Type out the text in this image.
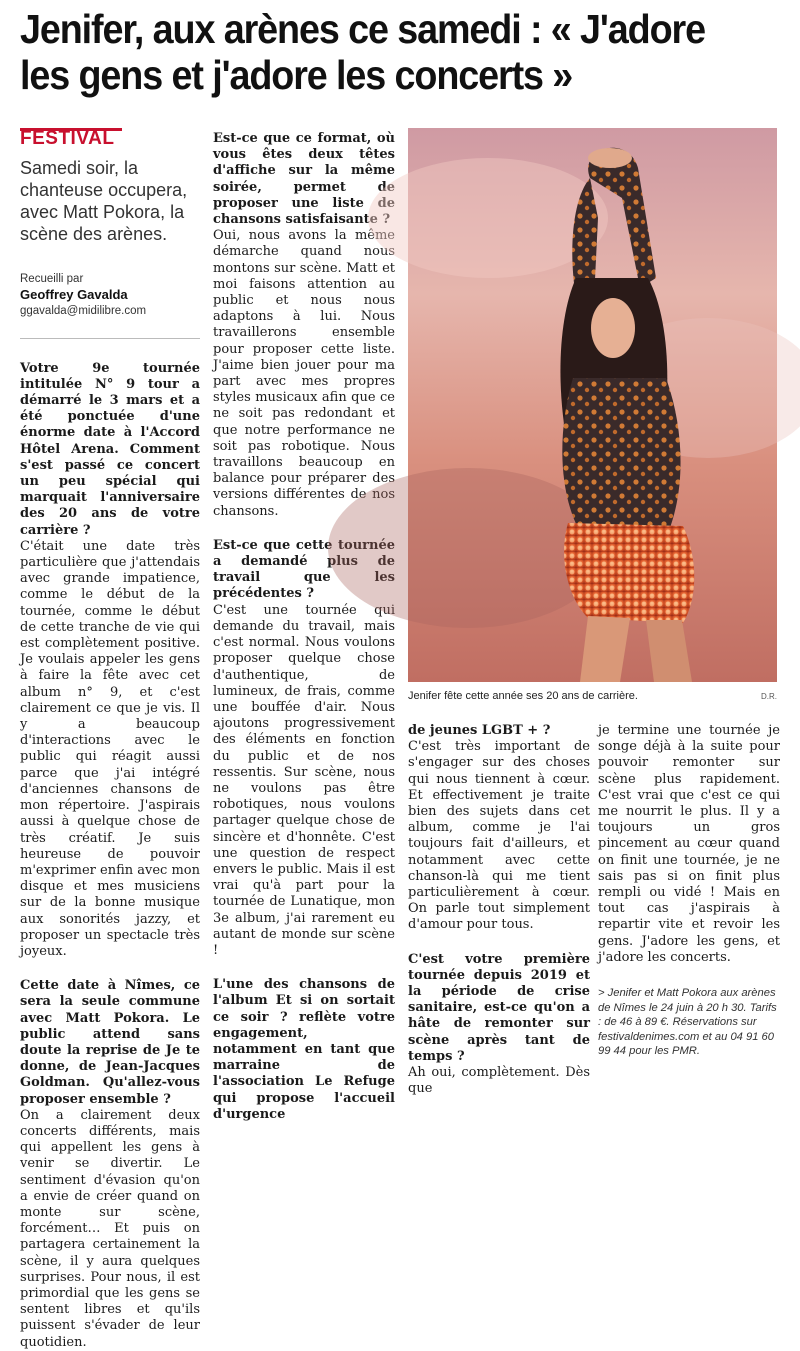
Jenifer, aux arènes ce samedi : « J'adore les gens et j'adore les concerts »
FESTIVAL
Samedi soir, la chanteuse occupera, avec Matt Pokora, la scène des arènes.
Recueilli par
Geoffrey Gavalda
ggavalda@midilibre.com

Votre 9e tournée intitulée N° 9 tour a démarré le 3 mars et a été ponctuée d'une énorme date à l'Accord Hôtel Arena. Comment s'est passé ce concert un peu spécial qui marquait l'anniversaire des 20 ans de votre carrière ?

C'était une date très particulière que j'attendais avec grande impatience, comme le début de la tournée, comme le début de cette tranche de vie qui est complètement positive. Je voulais appeler les gens à faire la fête avec cet album n° 9, et c'est clairement ce que je vis. Il y a beaucoup d'interactions avec le public qui réagit aussi parce que j'ai intégré d'anciennes chansons de mon répertoire. J'aspirais aussi à quelque chose de très créatif. Je suis heureuse de pouvoir m'exprimer enfin avec mon disque et mes musiciens sur de la bonne musique aux sonorités jazzy, et proposer un spectacle très joyeux.

Cette date à Nîmes, ce sera la seule commune avec Matt Pokora. Le public attend sans doute la reprise de Je te donne, de Jean-Jacques Goldman. Qu'allez-vous proposer ensemble ?

On a clairement deux concerts différents, mais qui appellent les gens à venir se divertir. Le sentiment d'évasion qu'on a envie de créer quand on monte sur scène, forcément… Et puis on partagera certainement la scène, il y aura quelques surprises. Pour nous, il est primordial que les gens se sentent libres et qu'ils puissent s'évader de leur quotidien.

Est-ce que ce format, où vous êtes deux têtes d'affiche sur la même soirée, permet de proposer une liste de chansons satisfaisante ?

Oui, nous avons la même démarche quand nous montons sur scène. Matt et moi faisons attention au public et nous nous adaptons à lui. Nous travaillerons ensemble pour proposer cette liste. J'aime bien jouer pour ma part avec mes propres styles musicaux afin que ce ne soit pas redondant et que notre performance ne soit pas robotique. Nous travaillons beaucoup en balance pour préparer des versions différentes de nos chansons.

Est-ce que cette tournée a demandé plus de travail que les précédentes ?

C'est une tournée qui demande du travail, mais c'est normal. Nous voulons proposer quelque chose d'authentique, de lumineux, de frais, comme une bouffée d'air. Nous ajoutons progressivement des éléments en fonction du public et de nos ressentis. Sur scène, nous ne voulons pas être robotiques, nous voulons partager quelque chose de sincère et d'honnête. C'est une question de respect envers le public. Mais il est vrai qu'à part pour la tournée de Lunatique, mon 3e album, j'ai rarement eu autant de monde sur scène !

L'une des chansons de l'album Et si on sortait ce soir ? reflète votre engagement, notamment en tant que marraine de l'association Le Refuge qui propose l'accueil d'urgence

Jenifer fête cette année ses 20 ans de carrière.	D.R.

de jeunes LGBT + ?

C'est très important de s'engager sur des choses qui nous tiennent à cœur. Et effectivement je traite bien des sujets dans cet album, comme je l'ai toujours fait d'ailleurs, et notamment avec cette chanson-là qui me tient particulièrement à cœur. On parle tout simplement d'amour pour tous.

C'est votre première tournée depuis 2019 et la période de crise sanitaire, est-ce qu'on a hâte de remonter sur scène après tant de temps ?

Ah oui, complètement. Dès que

je termine une tournée je songe déjà à la suite pour pouvoir remonter sur scène plus rapidement. C'est vrai que c'est ce qui me nourrit le plus. Il y a toujours un gros pincement au cœur quand on finit une tournée, je ne sais pas si on finit plus rempli ou vidé ! Mais en tout cas j'aspirais à repartir vite et revoir les gens. J'adore les gens, et j'adore les concerts.

> Jenifer et Matt Pokora aux arènes de Nîmes le 24 juin à 20 h 30. Tarifs : de 46 à 89 €. Réservations sur festivaldenimes.com et au 04 91 60 99 44 pour les PMR.
